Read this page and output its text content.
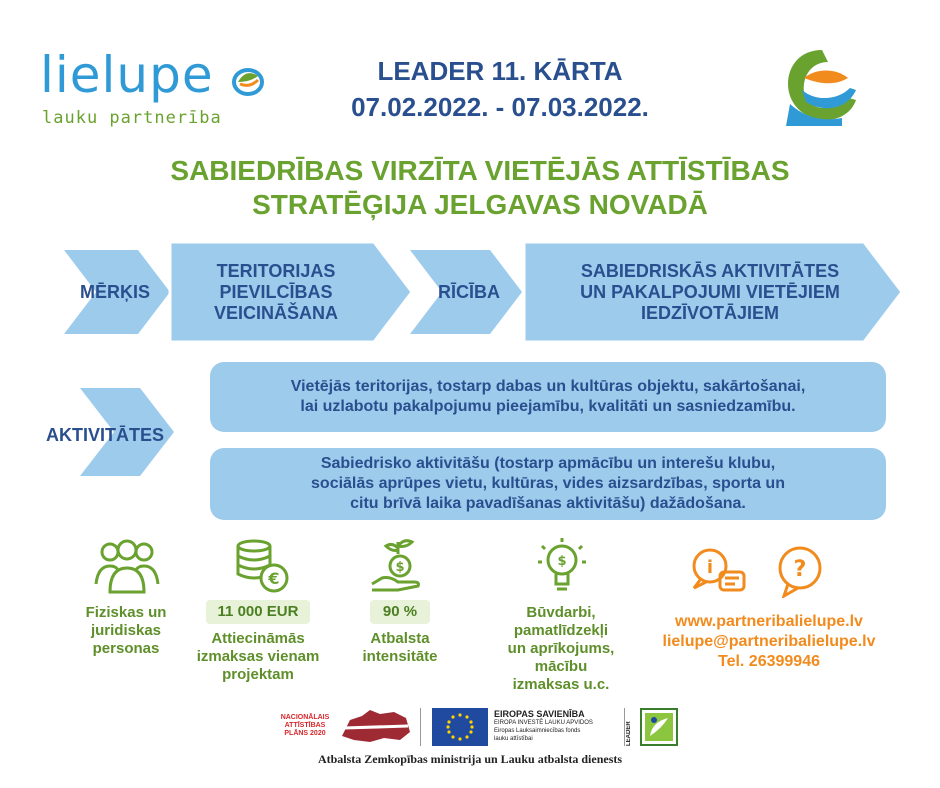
lielupe
lauku partnerība
LEADER 11. KĀRTA
07.02.2022. - 07.03.2022.
SABIEDRĪBAS VIRZĪTA VIETĒJĀS ATTĪSTĪBAS
STRATĒĢIJA JELGAVAS NOVADĀ
MĒRĶIS
TERITORIJAS
PIEVILCĪBAS
VEICINĀŠANA
RĪCĪBA
SABIEDRISKĀS AKTIVITĀTES
UN PAKALPOJUMI VIETĒJIEM
IEDZĪVOTĀJIEM
AKTIVITĀTES
Vietējās teritorijas, tostarp dabas un kultūras objektu, sakārtošanai,
lai uzlabotu pakalpojumu pieejamību, kvalitāti un sasniedzamību.
Sabiedrisko aktivitāšu (tostarp apmācību un interešu klubu,
sociālās aprūpes vietu, kultūras, vides aizsardzības, sporta un
citu brīvā laika pavadīšanas aktivitāšu) dažādošana.
€
$	$	i	?
Fiziskas un
juridiskas
personas
11 000 EUR
Attiecināmās
izmaksas vienam
projektam
90 %
Atbalsta
intensitāte
Būvdarbi,
pamatlīdzekļi
un aprīkojums,
mācību
izmaksas u.c.
www.partneribalielupe.lv
lielupe@partneribalielupe.lv
Tel. 26399946
NACIONĀLAIS
ATTĪSTĪBAS
PLĀNS 2020
EIROPAS SAVIENĪBA
EIROPA INVESTĒ LAUKU APVIDOS
Eiropas Lauksaimniecības fonds
lauku attīstībai	LEADER
Atbalsta Zemkopības ministrija un Lauku atbalsta dienests
